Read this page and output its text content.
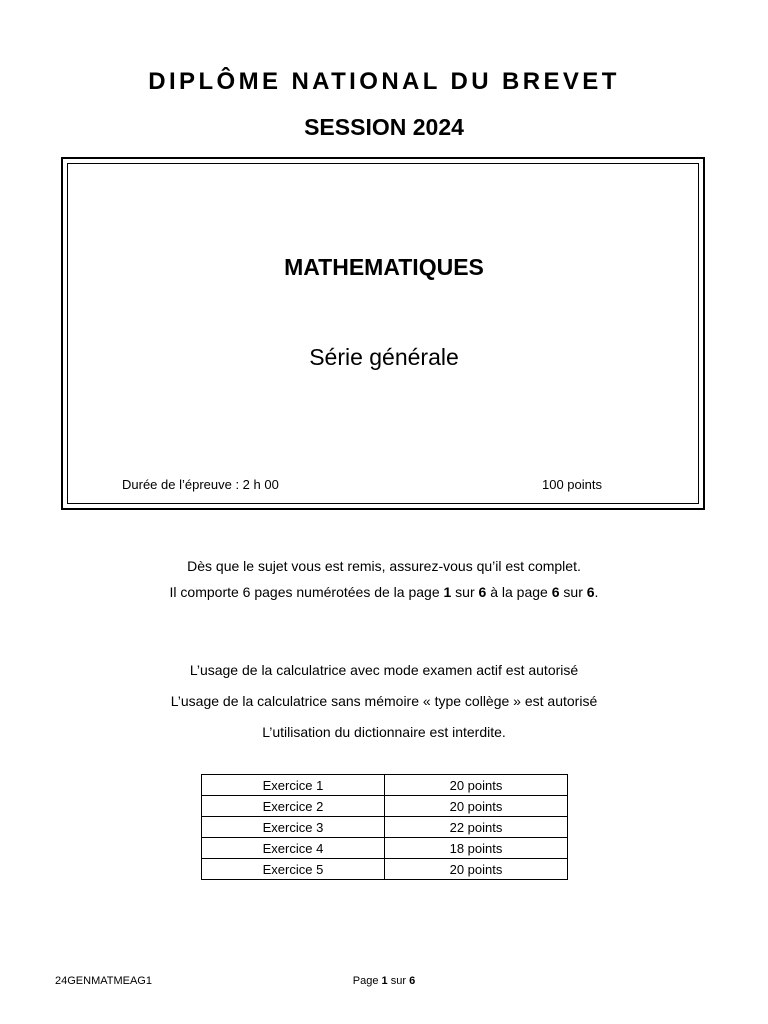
DIPLÔME NATIONAL DU BREVET
SESSION 2024
MATHEMATIQUES
Série générale
Durée de l’épreuve : 2 h 00	100 points
Dès que le sujet vous est remis, assurez-vous qu’il est complet.
Il comporte 6 pages numérotées de la page 1 sur 6 à la page 6 sur 6.
L’usage de la calculatrice avec mode examen actif est autorisé
L’usage de la calculatrice sans mémoire « type collège » est autorisé
L’utilisation du dictionnaire est interdite.
Exercice 1	20 points
Exercice 2	20 points
Exercice 3	22 points
Exercice 4	18 points
Exercice 5	20 points
24GENMATMEAG1	Page 1 sur 6
